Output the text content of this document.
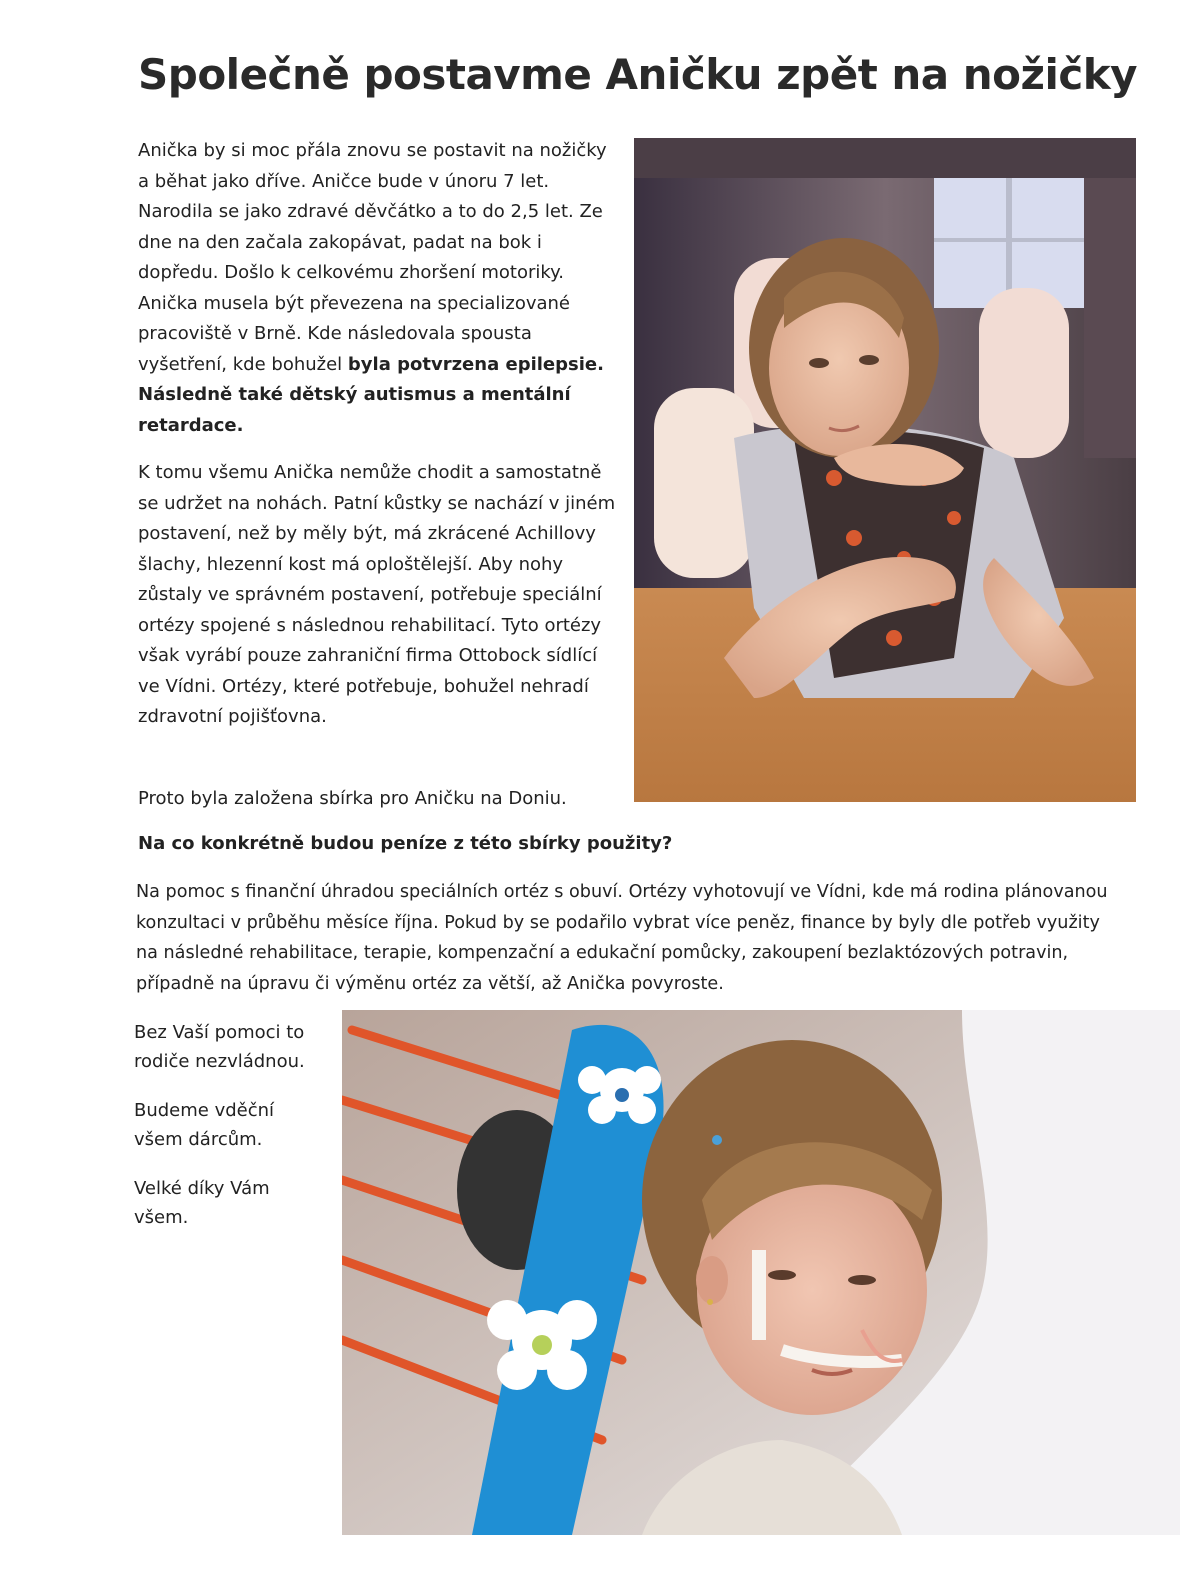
Společně postavme Aničku zpět na nožičky

Anička by si moc přála znovu se postavit na nožičky a běhat jako dříve. Aničce bude v únoru 7 let. Narodila se jako zdravé děvčátko a to do 2,5 let. Ze dne na den začala zakopávat, padat na bok i dopředu. Došlo k celkovému zhoršení motoriky. Anička musela být převezena na specializované pracoviště v Brně. Kde následovala spousta vyšetření, kde bohužel byla potvrzena epilepsie. Následně také dětský autismus a mentální retardace.

K tomu všemu Anička nemůže chodit a samostatně se udržet na nohách. Patní kůstky se nachází v jiném postavení, než by měly být, má zkrácené Achillovy šlachy, hlezenní kost má oploštělejší. Aby nohy zůstaly ve správném postavení, potřebuje speciální ortézy spojené s následnou rehabilitací. Tyto ortézy však vyrábí pouze zahraniční firma Ottobock sídlící ve Vídni. Ortézy, které potřebuje, bohužel nehradí zdravotní pojišťovna.

Proto byla založena sbírka pro Aničku na Doniu.

Na co konkrétně budou peníze z této sbírky použity?

Na pomoc s finanční úhradou speciálních ortéz s obuví. Ortézy vyhotovují ve Vídni, kde má rodina plánovanou konzultaci v průběhu měsíce října. Pokud by se podařilo vybrat více peněz, finance by byly dle potřeb využity na následné rehabilitace, terapie, kompenzační a edukační pomůcky, zakoupení bezlaktózových potravin, případně na úpravu či výměnu ortéz za větší, až Anička povyroste.

Bez Vaší pomoci to rodiče nezvládnou.

Budeme vděční všem dárcům.

Velké díky Vám všem.
